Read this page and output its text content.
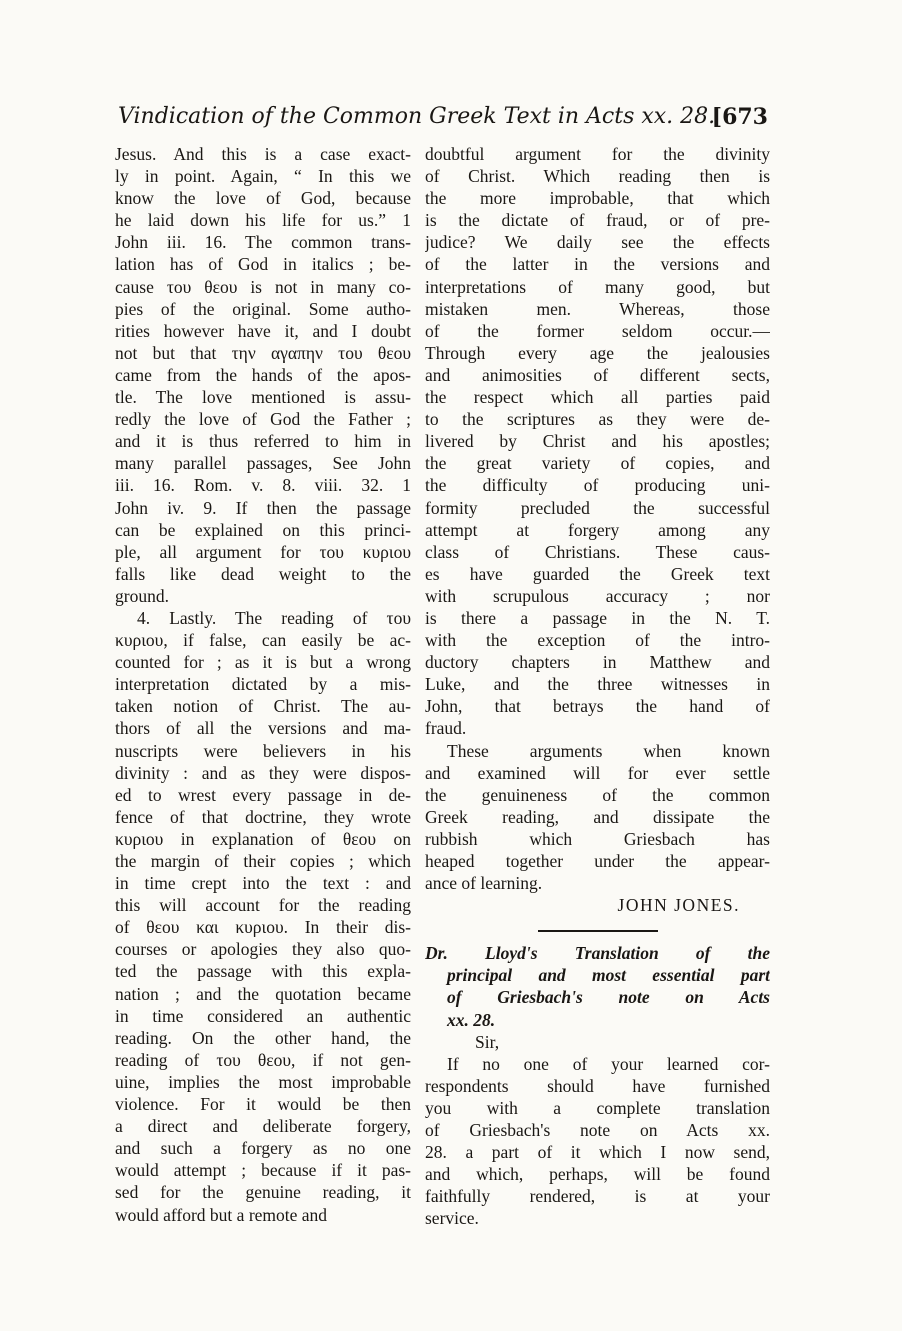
Vindication of the Common Greek Text in Acts xx. 28.
[673
Jesus. And this is a case exact-
ly in point. Again, “ In this we
know the love of God, because
he laid down his life for us.” 1
John iii. 16. The common trans-
lation has of God in italics ; be-
cause του θεου is not in many co-
pies of the original. Some autho-
rities however have it, and I doubt
not but that την αγαπην του θεου
came from the hands of the apos-
tle. The love mentioned is assu-
redly the love of God the Father ;
and it is thus referred to him in
many parallel passages, See John
iii. 16. Rom. v. 8. viii. 32. 1
John iv. 9. If then the passage
can be explained on this princi-
ple, all argument for του κυριου
falls like dead weight to the
ground.
4. Lastly. The reading of του
κυριου, if false, can easily be ac-
counted for ; as it is but a wrong
interpretation dictated by a mis-
taken notion of Christ. The au-
thors of all the versions and ma-
nuscripts were believers in his
divinity : and as they were dispos-
ed to wrest every passage in de-
fence of that doctrine, they wrote
κυριου in explanation of θεου on
the margin of their copies ; which
in time crept into the text : and
this will account for the reading
of θεου και κυριου. In their dis-
courses or apologies they also quo-
ted the passage with this expla-
nation ; and the quotation became
in time considered an authentic
reading. On the other hand, the
reading of του θεου, if not gen-
uine, implies the most improbable
violence. For it would be then
a direct and deliberate forgery,
and such a forgery as no one
would attempt ; because if it pas-
sed for the genuine reading, it
would afford but a remote and
doubtful argument for the divinity
of Christ. Which reading then is
the more improbable, that which
is the dictate of fraud, or of pre-
judice? We daily see the effects
of the latter in the versions and
interpretations of many good, but
mistaken men. Whereas, those
of the former seldom occur.—
Through every age the jealousies
and animosities of different sects,
the respect which all parties paid
to the scriptures as they were de-
livered by Christ and his apostles;
the great variety of copies, and
the difficulty of producing uni-
formity precluded the successful
attempt at forgery among any
class of Christians. These caus-
es have guarded the Greek text
with scrupulous accuracy ; nor
is there a passage in the N. T.
with the exception of the intro-
ductory chapters in Matthew and
Luke, and the three witnesses in
John, that betrays the hand of
fraud.
These arguments when known
and examined will for ever settle
the genuineness of the common
Greek reading, and dissipate the
rubbish which Griesbach has
heaped together under the appear-
ance of learning.
JOHN JONES.
Dr. Lloyd's Translation of the
principal and most essential part
of Griesbach's note on Acts
xx. 28.
Sir,
If no one of your learned cor-
respondents should have furnished
you with a complete translation
of Griesbach's note on Acts xx.
28. a part of it which I now send,
and which, perhaps, will be found
faithfully rendered, is at your
service.
